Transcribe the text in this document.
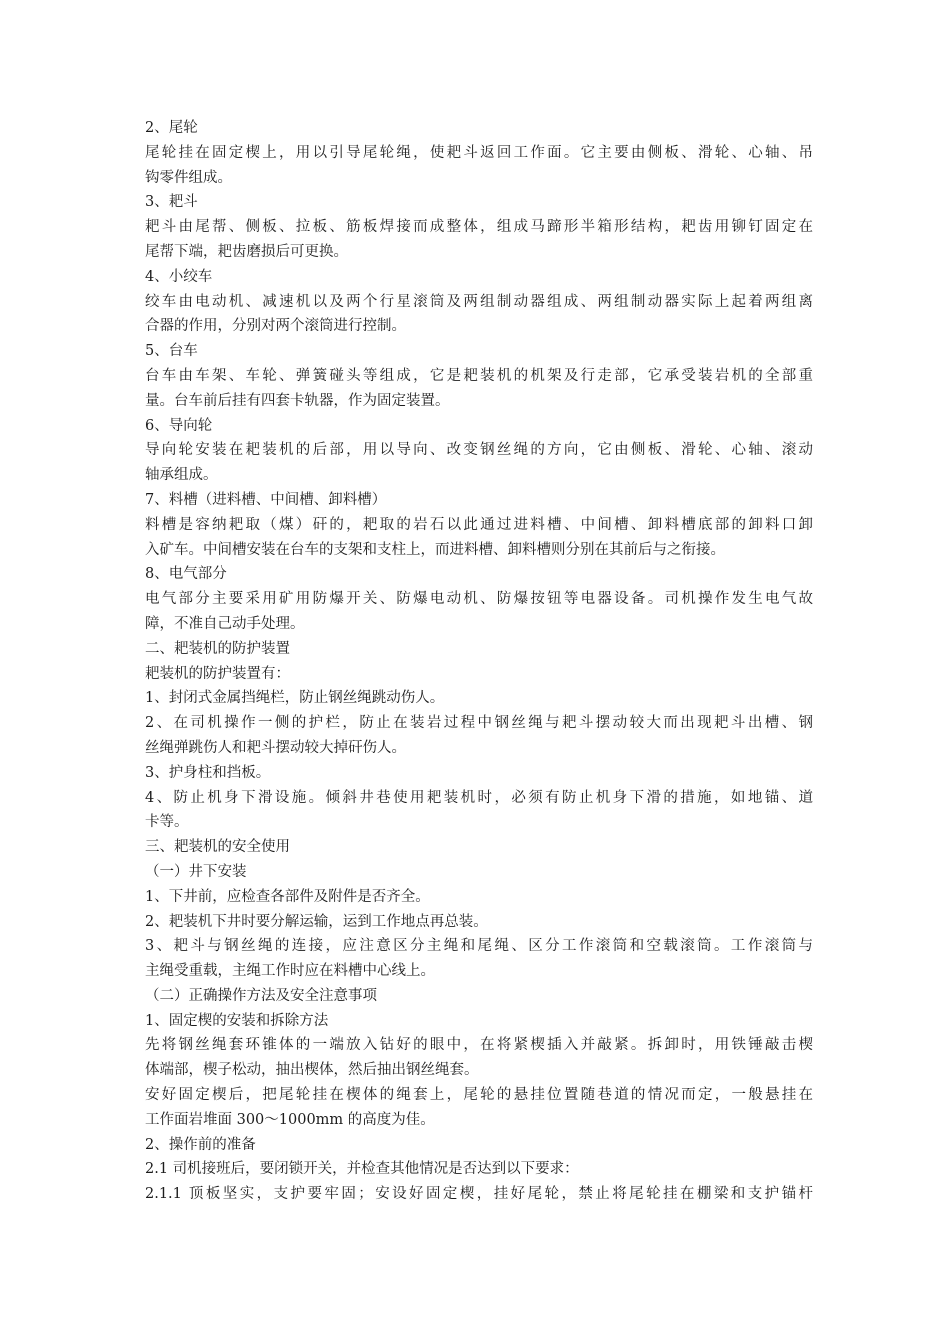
2、尾轮
尾轮挂在固定楔上，用以引导尾轮绳，使耙斗返回工作面。它主要由侧板、滑轮、心轴、吊
钩零件组成。
3、耙斗
耙斗由尾帮、侧板、拉板、筋板焊接而成整体，组成马蹄形半箱形结构，耙齿用铆钉固定在
尾帮下端，耙齿磨损后可更换。
4、小绞车
绞车由电动机、减速机以及两个行星滚筒及两组制动器组成、两组制动器实际上起着两组离
合器的作用，分别对两个滚筒进行控制。
5、台车
台车由车架、车轮、弹簧碰头等组成，它是耙装机的机架及行走部，它承受装岩机的全部重
量。台车前后挂有四套卡轨器，作为固定装置。
6、导向轮
导向轮安装在耙装机的后部，用以导向、改变钢丝绳的方向，它由侧板、滑轮、心轴、滚动
轴承组成。
7、料槽（进料槽、中间槽、卸料槽）
料槽是容纳耙取（煤）矸的，耙取的岩石以此通过进料槽、中间槽、卸料槽底部的卸料口卸
入矿车。中间槽安装在台车的支架和支柱上，而进料槽、卸料槽则分别在其前后与之衔接。
8、电气部分
电气部分主要采用矿用防爆开关、防爆电动机、防爆按钮等电器设备。司机操作发生电气故
障，不准自己动手处理。
二、耙装机的防护装置
耙装机的防护装置有：
1、封闭式金属挡绳栏，防止钢丝绳跳动伤人。
2、在司机操作一侧的护栏，防止在装岩过程中钢丝绳与耙斗摆动较大而出现耙斗出槽、钢
丝绳弹跳伤人和耙斗摆动较大掉矸伤人。
3、护身柱和挡板。
4、防止机身下滑设施。倾斜井巷使用耙装机时，必须有防止机身下滑的措施，如地锚、道
卡等。
三、耙装机的安全使用
（一）井下安装
1、下井前，应检查各部件及附件是否齐全。
2、耙装机下井时要分解运输，运到工作地点再总装。
3、耙斗与钢丝绳的连接，应注意区分主绳和尾绳、区分工作滚筒和空载滚筒。工作滚筒与
主绳受重载，主绳工作时应在料槽中心线上。
（二）正确操作方法及安全注意事项
1、固定楔的安装和拆除方法
先将钢丝绳套环锥体的一端放入钻好的眼中，在将紧楔插入并敲紧。拆卸时，用铁锤敲击楔
体端部，楔子松动，抽出楔体，然后抽出钢丝绳套。
安好固定楔后，把尾轮挂在楔体的绳套上，尾轮的悬挂位置随巷道的情况而定，一般悬挂在
工作面岩堆面 300～1000mm 的高度为佳。
2、操作前的准备
2.1 司机接班后，要闭锁开关，并检查其他情况是否达到以下要求：
2.1.1 顶板坚实，支护要牢固；安设好固定楔，挂好尾轮，禁止将尾轮挂在棚梁和支护锚杆
